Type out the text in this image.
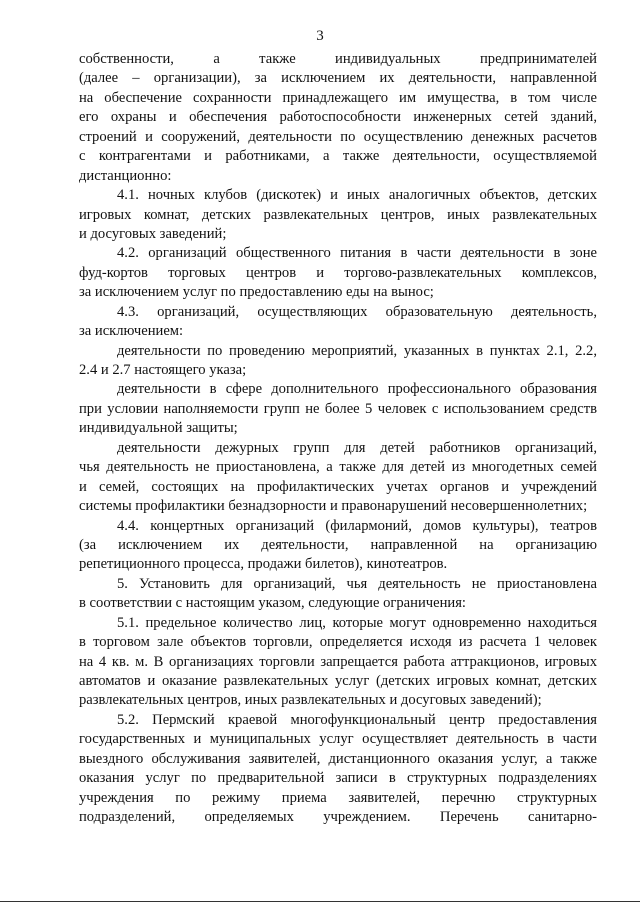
3
собственности, а также индивидуальных предпринимателей
(далее – организации), за исключением их деятельности, направленной
на обеспечение сохранности принадлежащего им имущества, в том числе
его охраны и обеспечения работоспособности инженерных сетей зданий,
строений и сооружений, деятельности по осуществлению денежных расчетов
с контрагентами и работниками, а также деятельности, осуществляемой
дистанционно:
4.1. ночных клубов (дискотек) и иных аналогичных объектов, детских
игровых комнат, детских развлекательных центров, иных развлекательных
и досуговых заведений;
4.2. организаций общественного питания в части деятельности в зоне
фуд-кортов торговых центров и торгово-развлекательных комплексов,
за исключением услуг по предоставлению еды на вынос;
4.3. организаций, осуществляющих образовательную деятельность,
за исключением:
деятельности по проведению мероприятий, указанных в пунктах 2.1, 2.2,
2.4 и 2.7 настоящего указа;
деятельности в сфере дополнительного профессионального образования
при условии наполняемости групп не более 5 человек с использованием средств
индивидуальной защиты;
деятельности дежурных групп для детей работников организаций,
чья деятельность не приостановлена, а также для детей из многодетных семей
и семей, состоящих на профилактических учетах органов и учреждений
системы профилактики безнадзорности и правонарушений несовершеннолетних;
4.4. концертных организаций (филармоний, домов культуры), театров
(за исключением их деятельности, направленной на организацию
репетиционного процесса, продажи билетов), кинотеатров.
5. Установить для организаций, чья деятельность не приостановлена
в соответствии с настоящим указом, следующие ограничения:
5.1. предельное количество лиц, которые могут одновременно находиться
в торговом зале объектов торговли, определяется исходя из расчета 1 человек
на 4 кв. м. В организациях торговли запрещается работа аттракционов, игровых
автоматов и оказание развлекательных услуг (детских игровых комнат, детских
развлекательных центров, иных развлекательных и досуговых заведений);
5.2. Пермский краевой многофункциональный центр предоставления
государственных и муниципальных услуг осуществляет деятельность в части
выездного обслуживания заявителей, дистанционного оказания услуг, а также
оказания услуг по предварительной записи в структурных подразделениях
учреждения по режиму приема заявителей, перечню структурных
подразделений, определяемых учреждением. Перечень санитарно-
